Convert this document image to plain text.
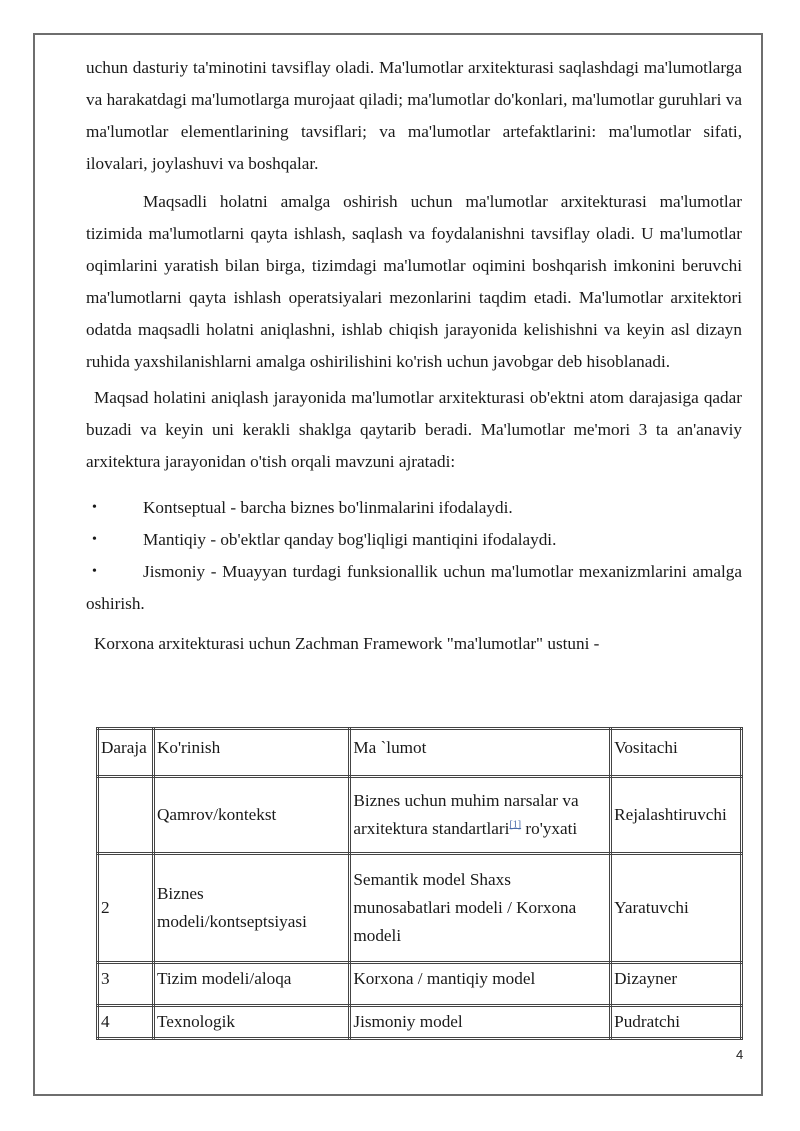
uchun dasturiy ta'minotini tavsiflay oladi. Ma'lumotlar arxitekturasi saqlashdagi ma'lumotlarga va harakatdagi ma'lumotlarga murojaat qiladi; ma'lumotlar do'konlari, ma'lumotlar guruhlari va ma'lumotlar elementlarining tavsiflari; va ma'lumotlar artefaktlarini: ma'lumotlar sifati, ilovalari, joylashuvi va boshqalar.

Maqsadli holatni amalga oshirish uchun ma'lumotlar arxitekturasi ma'lumotlar tizimida ma'lumotlarni qayta ishlash, saqlash va foydalanishni tavsiflay oladi. U ma'lumotlar oqimlarini yaratish bilan birga, tizimdagi ma'lumotlar oqimini boshqarish imkonini beruvchi ma'lumotlarni qayta ishlash operatsiyalari mezonlarini taqdim etadi. Ma'lumotlar arxitektori odatda maqsadli holatni aniqlashni, ishlab chiqish jarayonida kelishishni va keyin asl dizayn ruhida yaxshilanishlarni amalga oshirilishini ko'rish uchun javobgar deb hisoblanadi.

Maqsad holatini aniqlash jarayonida ma'lumotlar arxitekturasi ob'ektni atom darajasiga qadar buzadi va keyin uni kerakli shaklga qaytarib beradi. Ma'lumotlar me'mori 3 ta an'anaviy arxitektura jarayonidan o'tish orqali mavzuni ajratadi:

•	Kontseptual - barcha biznes bo'linmalarini ifodalaydi.
•	Mantiqiy - ob'ektlar qanday bog'liqligi mantiqini ifodalaydi.
•	Jismoniy - Muayyan turdagi funksionallik uchun ma'lumotlar mexanizmlarini amalga oshirish.

Korxona arxitekturasi uchun Zachman Framework "ma'lumotlar" ustuni -

Daraja	Ko'rinish	Ma `lumot	Vositachi
	Qamrov/kontekst	Biznes uchun muhim narsalar va arxitektura standartlari[1] ro'yxati	Rejalashtiruvchi
2	Biznes modeli/kontseptsiyasi	Semantik model Shaxs munosabatlari modeli / Korxona modeli	Yaratuvchi
3	Tizim modeli/aloqa	Korxona / mantiqiy model	Dizayner
4	Texnologik	Jismoniy model	Pudratchi
4
